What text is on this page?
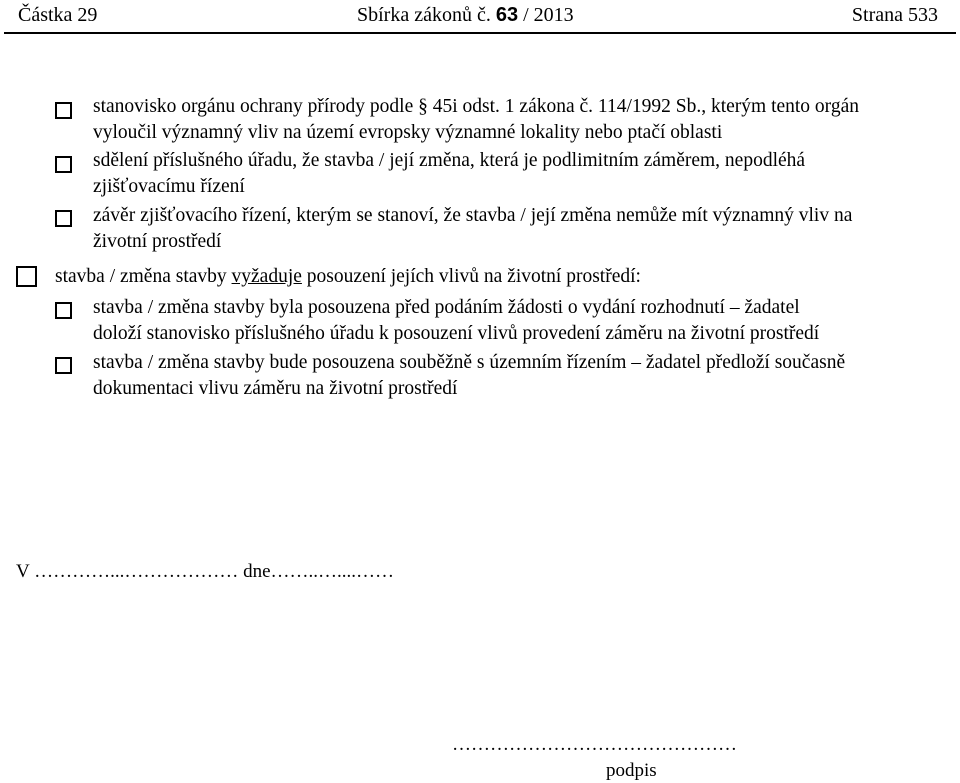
Částka 29	Sbírka zákonů č. 63 / 2013	Strana 533
stanovisko orgánu ochrany přírody podle § 45i odst. 1 zákona č. 114/1992 Sb., kterým tento orgán
vyloučil významný vliv na území evropsky významné lokality nebo ptačí oblasti
sdělení příslušného úřadu, že stavba / její změna, která je podlimitním záměrem, nepodléhá
zjišťovacímu řízení
závěr zjišťovacího řízení, kterým se stanoví, že stavba / její změna nemůže mít významný vliv na
životní prostředí
stavba / změna stavby vyžaduje posouzení jejích vlivů na životní prostředí:
stavba / změna stavby byla posouzena před podáním žádosti o vydání rozhodnutí – žadatel
doloží stanovisko příslušného úřadu k posouzení vlivů provedení záměru na životní prostředí
stavba / změna stavby bude posouzena souběžně s územním řízením – žadatel předloží současně
dokumentaci vlivu záměru na životní prostředí
V …………...……………… dne……..…....……
………………………………………
podpis
